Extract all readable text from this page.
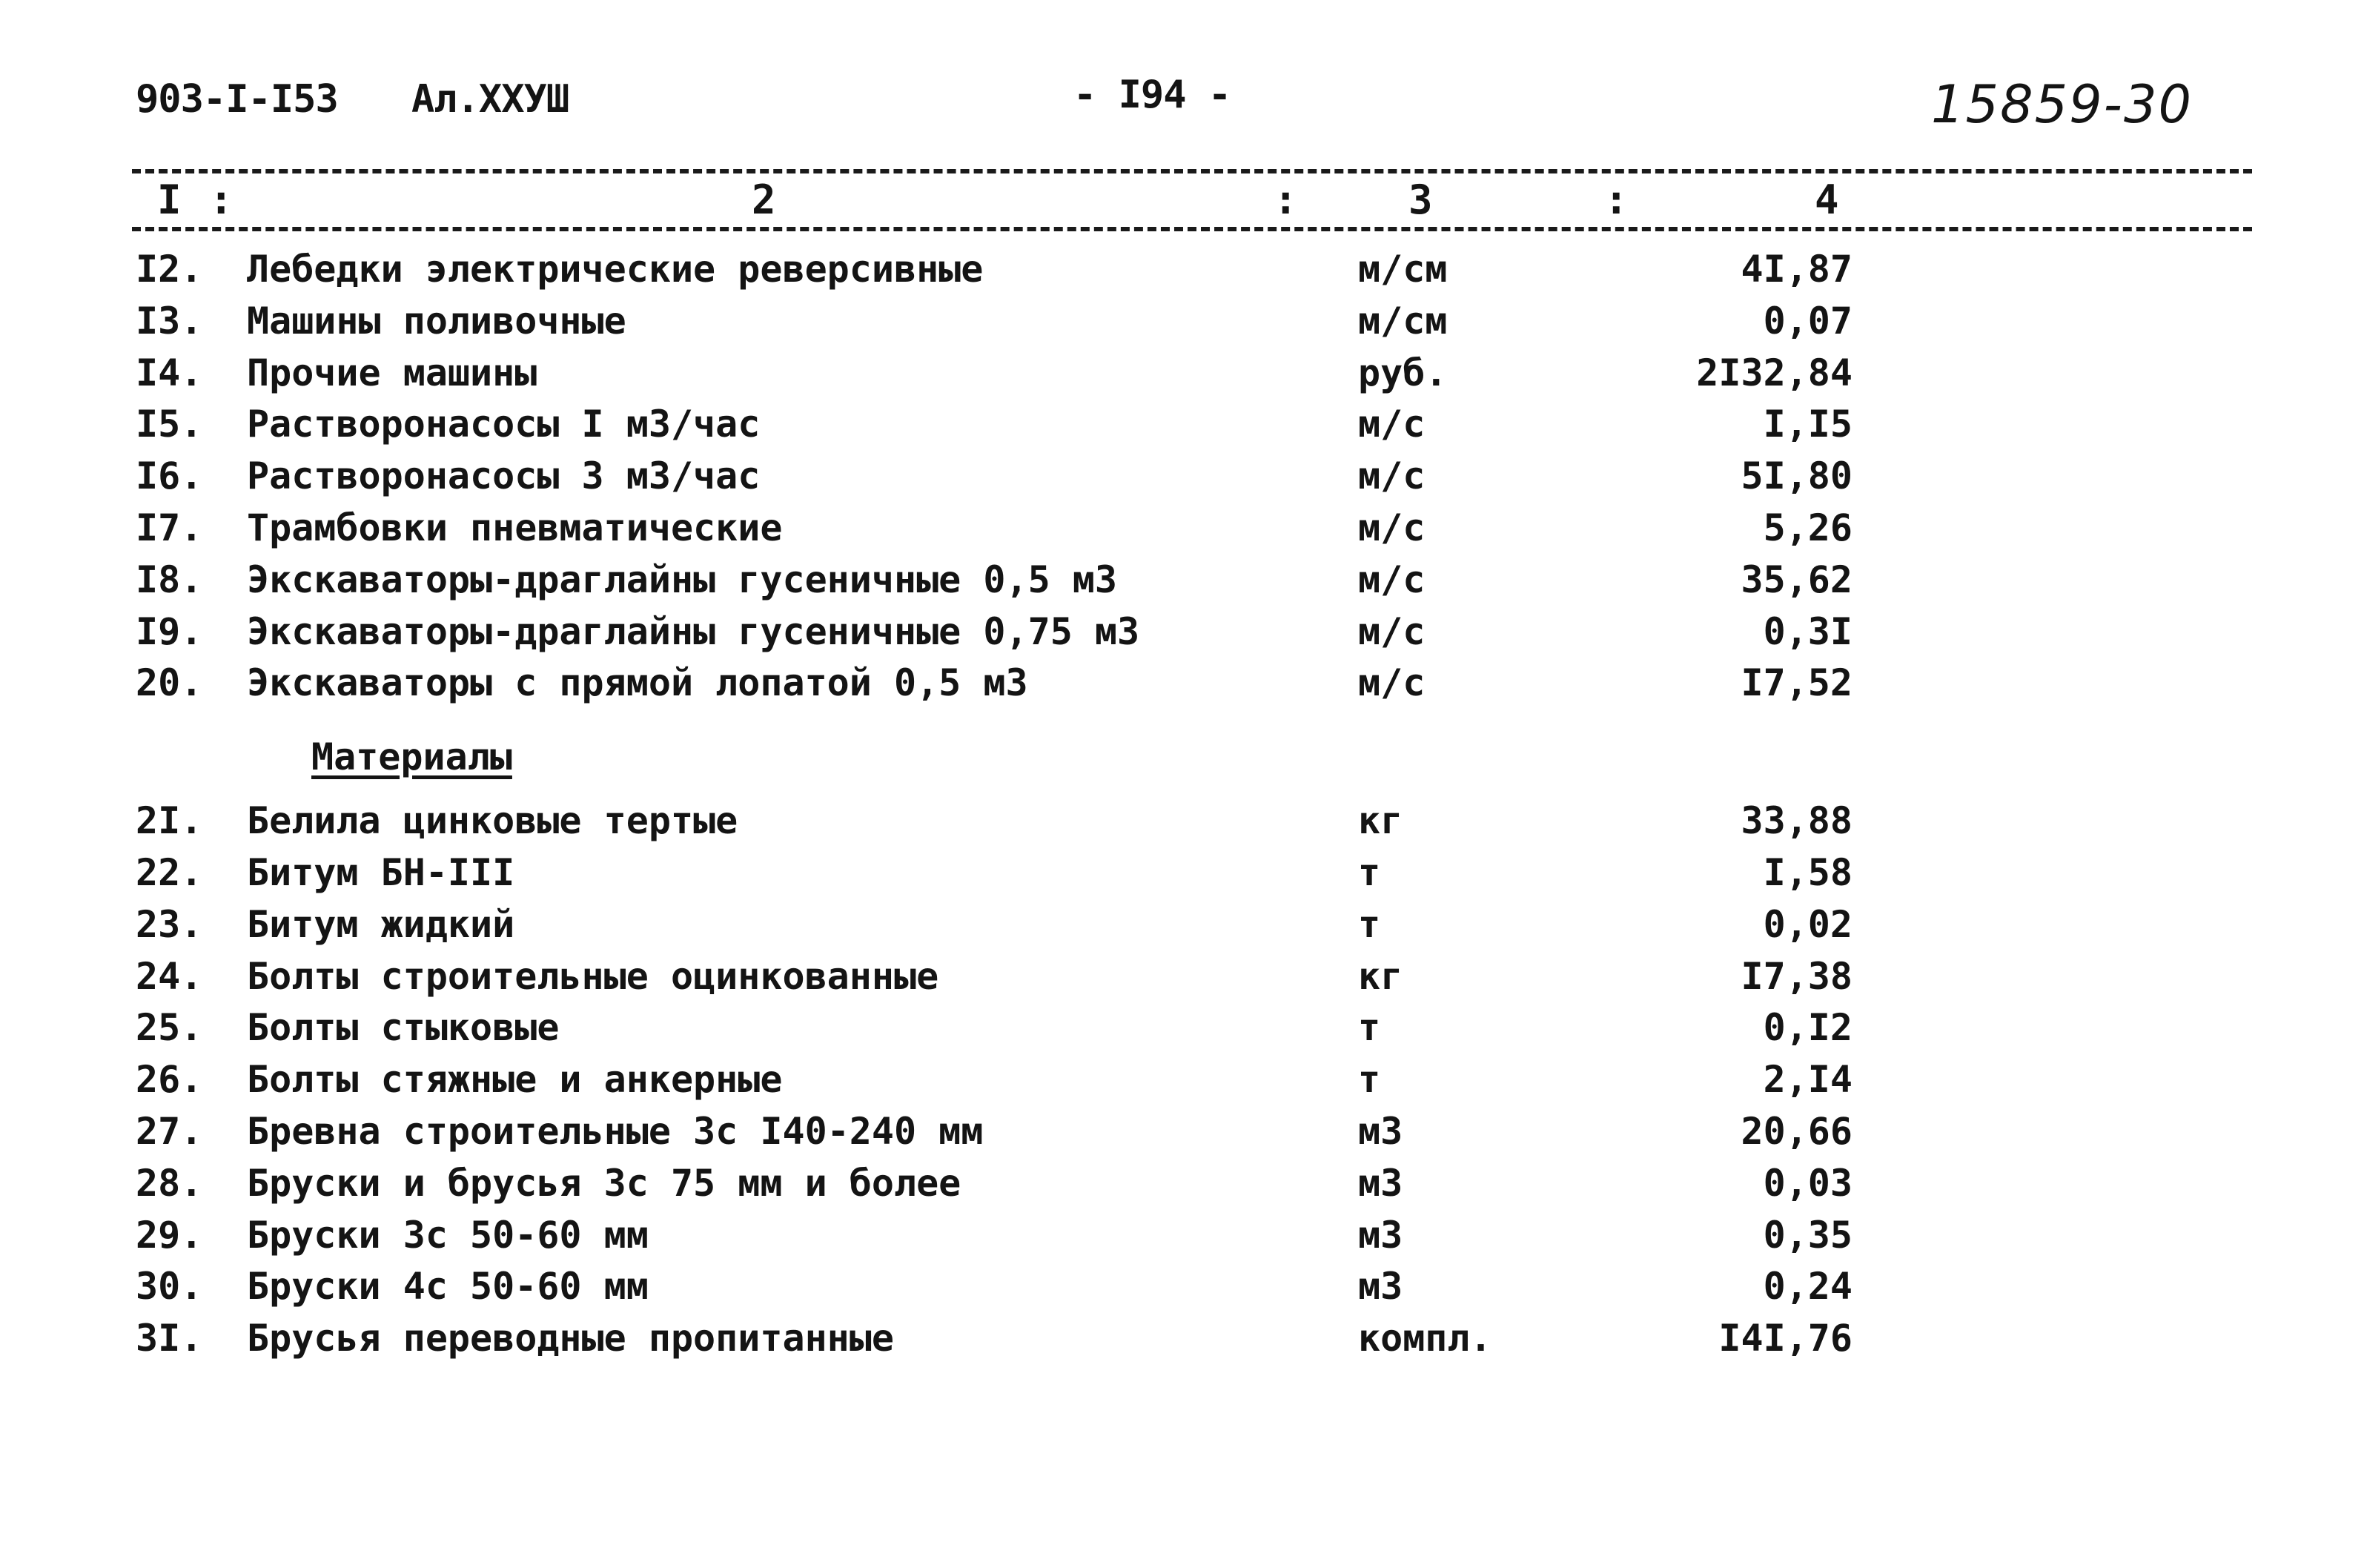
903-I-I53 Ал.XXУШ	- I94 -	15859-30
I :	2	:	3	:	4
I2. Лебедки электрические реверсивные	м/см	4I,87
I3. Машины поливочные	м/см	0,07
I4. Прочие машины	руб.	2I32,84
I5. Растворонасосы I м3/час	м/с	I,I5
I6. Растворонасосы 3 м3/час	м/с	5I,80
I7. Трамбовки пневматические	м/с	5,26
I8. Экскаваторы-драглайны гусеничные 0,5 м3	м/с	35,62
I9. Экскаваторы-драглайны гусеничные 0,75 м3	м/с	0,3I
20. Экскаваторы с прямой лопатой 0,5 м3	м/с	I7,52
Материалы
2I. Белила цинковые тертые	кг	33,88
22. Битум БН-III	т	I,58
23. Битум жидкий	т	0,02
24. Болты строительные оцинкованные	кг	I7,38
25. Болты стыковые	т	0,I2
26. Болты стяжные и анкерные	т	2,I4
27. Бревна строительные 3с I40-240 мм	м3	20,66
28. Бруски и брусья 3с 75 мм и более	м3	0,03
29. Бруски 3с 50-60 мм	м3	0,35
30. Бруски 4с 50-60 мм	м3	0,24
3I. Брусья переводные пропитанные	компл.	I4I,76
